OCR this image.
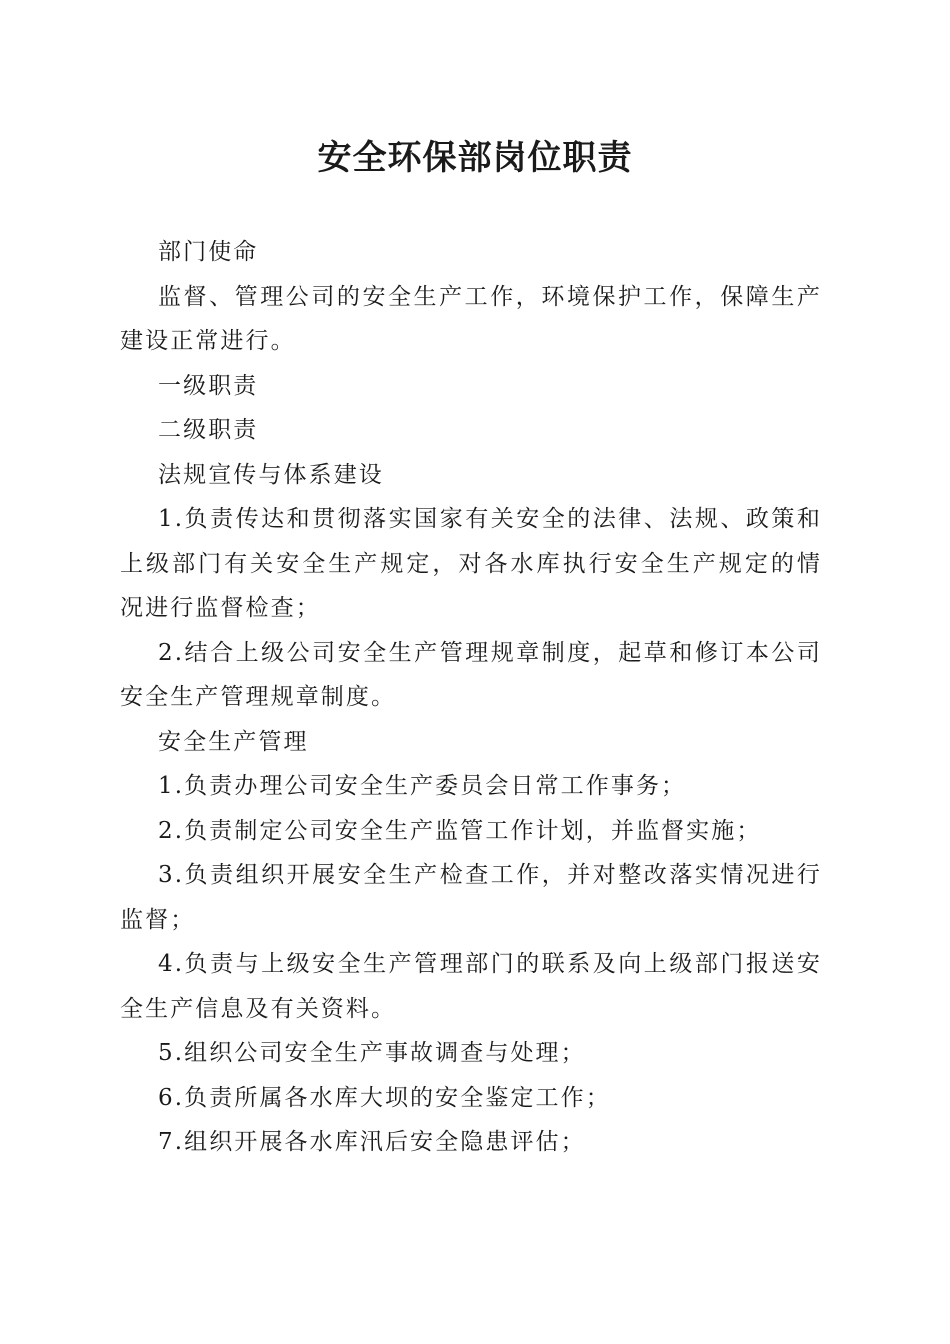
安全环保部岗位职责

部门使命

监督、管理公司的安全生产工作，环境保护工作，保障生产建设正常进行。

一级职责

二级职责

法规宣传与体系建设

1.负责传达和贯彻落实国家有关安全的法律、法规、政策和上级部门有关安全生产规定，对各水库执行安全生产规定的情况进行监督检查；

2.结合上级公司安全生产管理规章制度，起草和修订本公司安全生产管理规章制度。

安全生产管理

1.负责办理公司安全生产委员会日常工作事务；

2.负责制定公司安全生产监管工作计划，并监督实施；

3.负责组织开展安全生产检查工作，并对整改落实情况进行监督；

4.负责与上级安全生产管理部门的联系及向上级部门报送安全生产信息及有关资料。

5.组织公司安全生产事故调查与处理；

6.负责所属各水库大坝的安全鉴定工作；

7.组织开展各水库汛后安全隐患评估；
